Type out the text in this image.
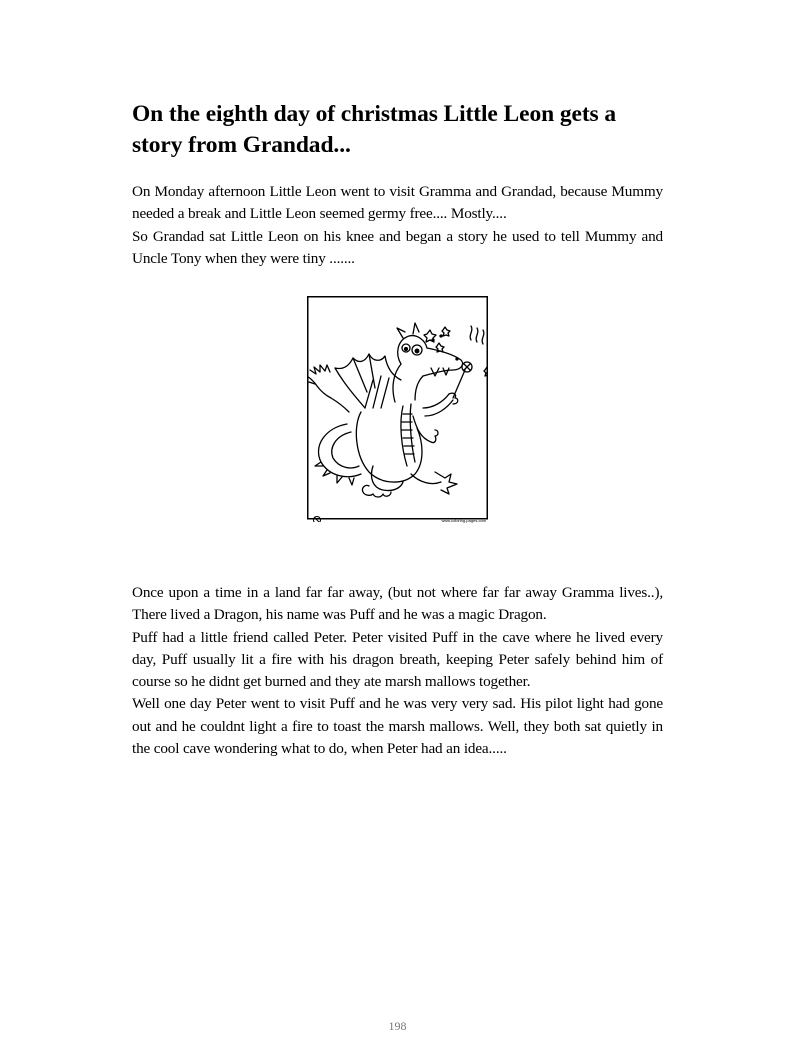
On the eighth day of christmas Little Leon gets a story from Grandad...
On Monday afternoon Little Leon went to visit Gramma and Grandad, because Mummy needed a break and Little Leon seemed germy free.... Mostly....
So Grandad sat Little Leon on his knee and began a story he used to tell Mummy and Uncle Tony when they were tiny .......
www.coloring-pages.com
Once upon a time in a land far far away, (but not where far far away Gramma lives..), There lived a Dragon, his name was Puff and he was a magic Dragon.
Puff had a little friend called Peter. Peter visited Puff in the cave where he lived every day, Puff usually lit a fire with his dragon breath, keeping Peter safely behind him of course so he didnt get burned and they ate marsh mallows together.
Well one day Peter went to visit Puff and he was very very sad. His pilot light had gone out and he couldnt light a fire to toast the marsh mallows. Well, they both sat quietly in the cool cave wondering what to do, when Peter had an idea.....
198
